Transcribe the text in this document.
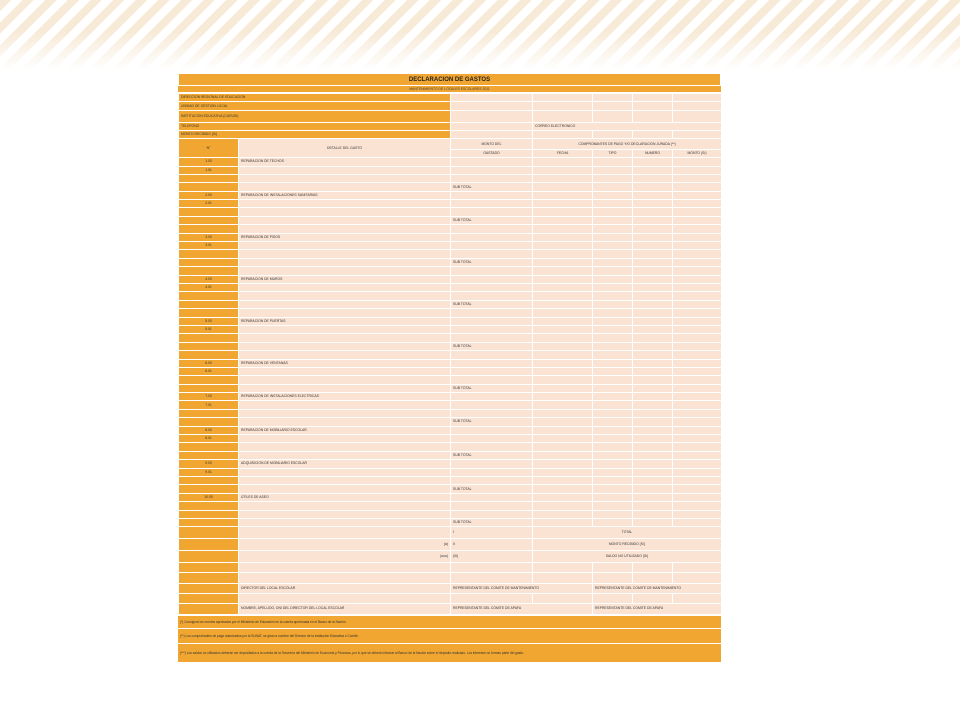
DECLARACION DE GASTOS
MANTENIMIENTO DE LOCALES ESCOLARES 2011
DIRECCION REGIONAL DE EDUCACION						
UNIDAD DE GESTION LOCAL						
INSTITUCION EDUCATIVA (CUEUSI)						
TELEFONO			CORREO ELECTRONICO			
MONTO RECIBIDO (S/)						
N°	DETALLE DEL GASTO	MONTO DEL	COMPROBANTES DE PAGO Y/O DECLARACION JURADA (**)			
		GASTADO	FECHA	TIPO	NUMERO	MONTO (S/)
1.00	REPARACION DE TECHOS					
1.01						

		SUB TOTAL				
2.00	REPARACION DE INSTALACIONES SANITARIAS					
2.01						

		SUB TOTAL				

3.00	REPARACION DE PISOS					
3.01						

		SUB TOTAL				

4.00	REPARACION DE MUROS					
4.01						

		SUB TOTAL				

5.00	REPARACION DE PUERTAS					
5.01						

		SUB TOTAL				

6.00	REPARACION DE VENTANAS					
6.01						

		SUB TOTAL				
7.00	REPARACION DE INSTALACIONES ELECTRICAS					
7.01						

		SUB TOTAL				
8.00	REPARACION DE MOBILIARIO ESCOLAR					
8.01						

		SUB TOTAL				
9.00	ADQUISICION DE MOBILIARIO ESCOLAR					
9.01						

		SUB TOTAL				
10.00	ÚTILES DE ASEO					

		SUB TOTAL				
		I	TOTAL			
	(a)	II	MONTO RECIBIDO (S/)			
	(ooo)	(III)	SALDO NO UTILIZADO (S/)			

	DIRECTOR DEL LOCAL ESCOLAR	REPRESENTANTE DEL COMITE DE MANTENIMIENTO		REPRESENTANTE DEL COMITE DE MANTENIMIENTO		

	NOMBRE, APELLIDO, DNI DEL DIRECTOR DEL LOCAL ESCOLAR	REPRESENTANTE DEL COMITE DE APAFA		REPRESENTANTE DEL COMITE DE APAFA		
(*) Consignar los montos aprobados por el Ministerio de Educación en la cuenta aperturada en el Banco de la Nación.
(**) Los comprobantes de pago autorizados por la SUNAT, se giran a nombre del Director de la Institución Educativa o Comité.
(***) Los saldos no utilizados deberán ser depositados a la cuenta de la Tesorería del Ministerio de Economía y Finanzas, por lo que se deberá informar al Banco de la Nación sobre el depósito realizado. Los intereses no forman parte del gasto.
